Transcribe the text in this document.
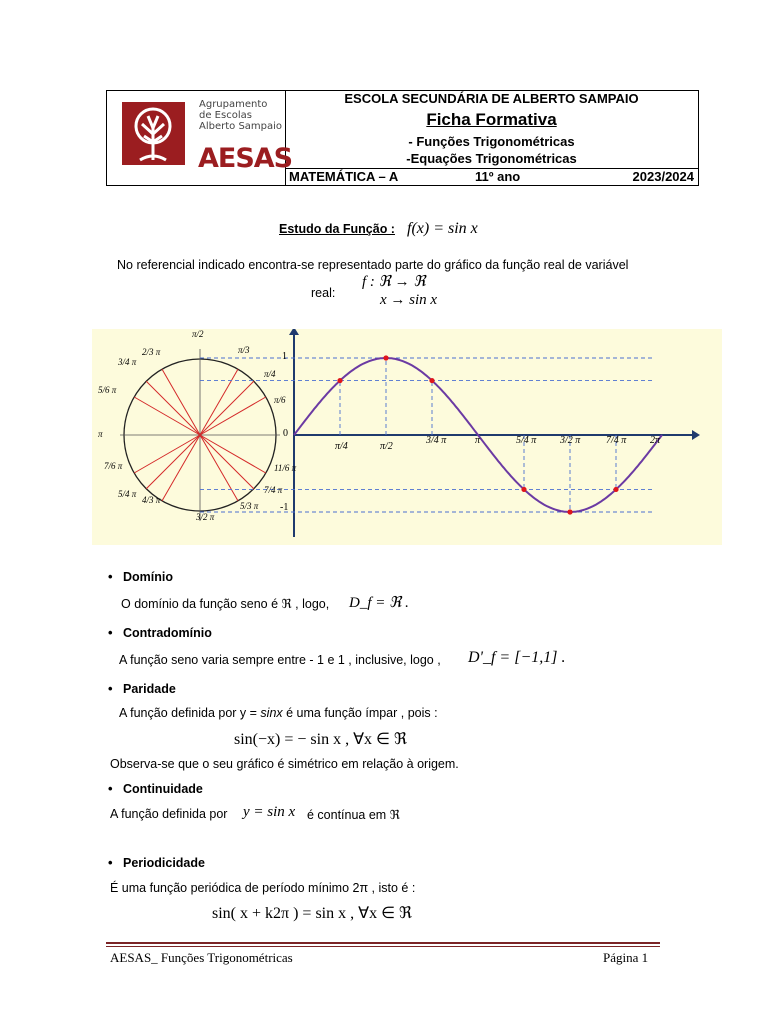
Agrupamento
de Escolas
Alberto Sampaio
AESAS
ESCOLA SECUNDÁRIA DE ALBERTO SAMPAIO
Ficha Formativa
- Funções Trigonométricas
-Equações Trigonométricas
MATEMÁTICA – A	11º ano	2023/2024
Estudo da Função : f(x) = sin x
No referencial indicado encontra-se representado parte do gráfico da função real de variável
f : ℜ → ℜ
real:	x → sin x
π/2
π
3/2 π
π/3
π/4
π/6
2/3 π
3/4 π
5/6 π
7/6 π
5/4 π
4/3 π
5/3 π
7/4 π
11/6 π
1
0
-1
π/4	π/2
3/4 π	π	5/4 π 3/2 π	7/4 π 2π
• Domínio
O domínio da função seno é ℜ , logo, D_f = ℜ .
• Contradomínio
A função seno varia sempre entre - 1 e 1 , inclusive, logo , D'_f = [−1,1] .
• Paridade
A função definida por y = sinx é uma função ímpar , pois :
sin(−x) = − sin x , ∀x ∈ ℜ
Observa-se que o seu gráfico é simétrico em relação à origem.
• Continuidade
A função definida por y = sin x é contínua em ℜ
• Periodicidade
É uma função periódica de período mínimo 2π , isto é :
sin( x + k2π ) = sin x , ∀x ∈ ℜ
AESAS_ Funções Trigonométricas	Página 1
